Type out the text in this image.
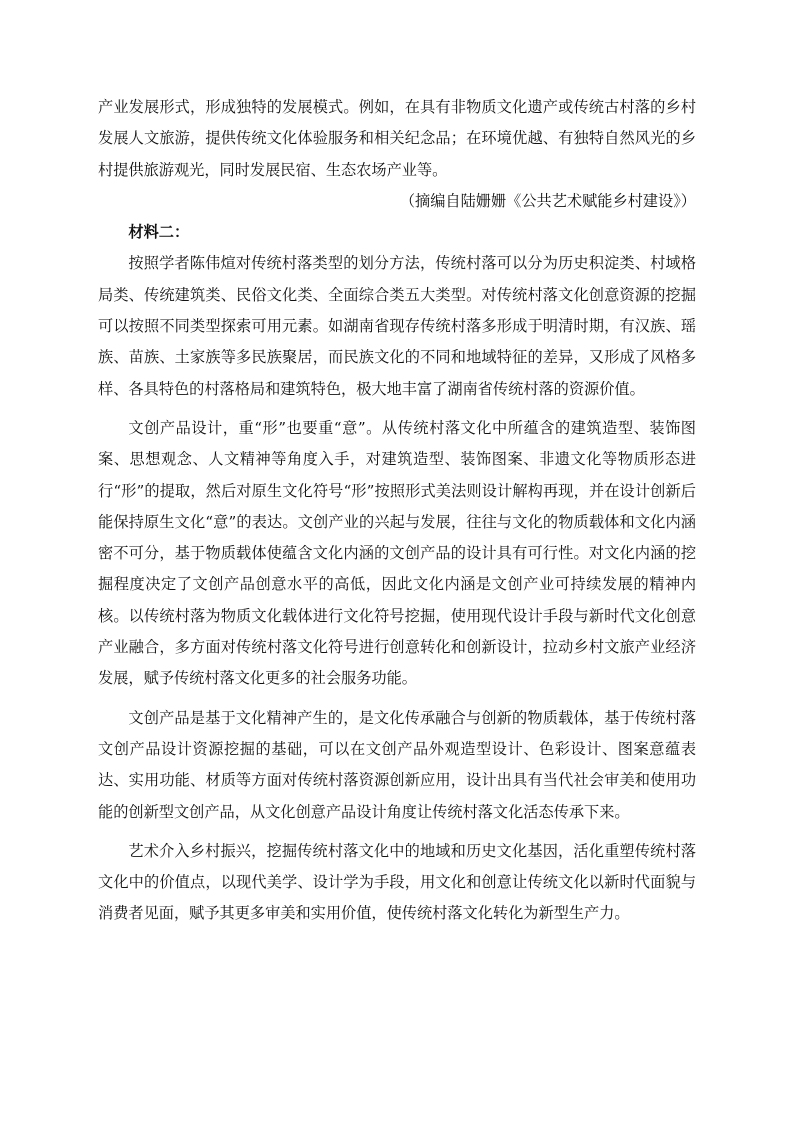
产业发展形式，形成独特的发展模式。例如，在具有非物质文化遗产或传统古村落的乡村发展人文旅游，提供传统文化体验服务和相关纪念品；在环境优越、有独特自然风光的乡村提供旅游观光，同时发展民宿、生态农场产业等。

（摘编自陆姗姗《公共艺术赋能乡村建设》）

材料二：

按照学者陈伟煊对传统村落类型的划分方法，传统村落可以分为历史积淀类、村域格局类、传统建筑类、民俗文化类、全面综合类五大类型。对传统村落文化创意资源的挖掘可以按照不同类型探索可用元素。如湖南省现存传统村落多形成于明清时期，有汉族、瑶族、苗族、土家族等多民族聚居，而民族文化的不同和地域特征的差异，又形成了风格多样、各具特色的村落格局和建筑特色，极大地丰富了湖南省传统村落的资源价值。

文创产品设计，重“形”也要重“意”。从传统村落文化中所蕴含的建筑造型、装饰图案、思想观念、人文精神等角度入手，对建筑造型、装饰图案、非遗文化等物质形态进行“形”的提取，然后对原生文化符号“形”按照形式美法则设计解构再现，并在设计创新后能保持原生文化“意”的表达。文创产业的兴起与发展，往往与文化的物质载体和文化内涵密不可分，基于物质载体使蕴含文化内涵的文创产品的设计具有可行性。对文化内涵的挖掘程度决定了文创产品创意水平的高低，因此文化内涵是文创产业可持续发展的精神内核。以传统村落为物质文化载体进行文化符号挖掘，使用现代设计手段与新时代文化创意产业融合，多方面对传统村落文化符号进行创意转化和创新设计，拉动乡村文旅产业经济发展，赋予传统村落文化更多的社会服务功能。

文创产品是基于文化精神产生的，是文化传承融合与创新的物质载体，基于传统村落文创产品设计资源挖掘的基础，可以在文创产品外观造型设计、色彩设计、图案意蕴表达、实用功能、材质等方面对传统村落资源创新应用，设计出具有当代社会审美和使用功能的创新型文创产品，从文化创意产品设计角度让传统村落文化活态传承下来。

艺术介入乡村振兴，挖掘传统村落文化中的地域和历史文化基因，活化重塑传统村落文化中的价值点，以现代美学、设计学为手段，用文化和创意让传统文化以新时代面貌与消费者见面，赋予其更多审美和实用价值，使传统村落文化转化为新型生产力。
